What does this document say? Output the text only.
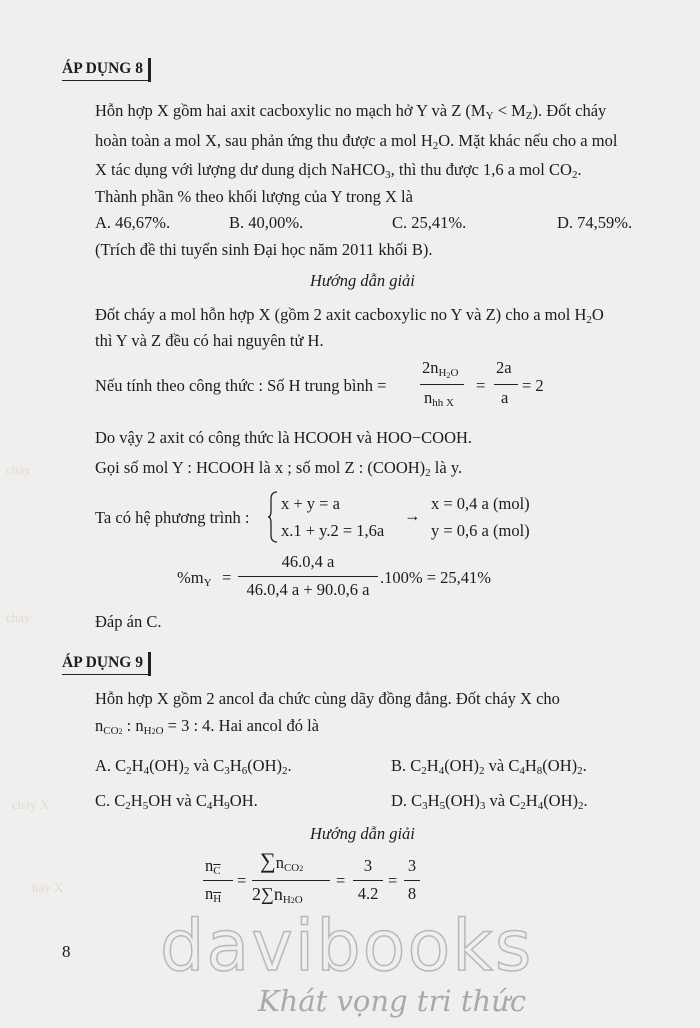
cháy
cháy X
háy X
cháy
ÁP DỤNG 8
Hỗn hợp X gồm hai axit cacboxylic no mạch hở Y và Z $(M_Y < M_Z)$. Đốt cháy
hoàn toàn a mol X, sau phản ứng thu được a mol $H_2O$. Mặt khác nếu cho a mol
X tác dụng với lượng dư dung dịch NaHCO$_3$, thì thu được 1,6 a mol $CO_2$.
Thành phần % theo khối lượng của Y trong X là
A. 46,67%.	B. 40,00%.	C. 25,41%.	D. 74,59%.
(Trích đề thi tuyển sinh Đại học năm 2011 khối B).
Hướng dẫn giải
Đốt cháy a mol hỗn hợp X (gồm 2 axit cacboxylic no Y và Z) cho a mol $H_2O$
thì Y và Z đều có hai nguyên tử H.
Nếu tính theo công thức : Số H trung bình =
$2n_{H2O}$
$n_{hh X}$
=
2a
a
= 2
Do vậy 2 axit có công thức là HCOOH và HOO−COOH.
Gọi số mol Y : HCOOH là x ; số mol Z : $(COOH)_2$ là y.
Ta có hệ phương trình :
x + y = a
x.1 + y.2 = 1,6a
→
x = 0,4 a (mol)
y = 0,6 a (mol)
$\%m_Y$ =
46.0,4 a
46.0,4 a + 90.0,6 a
.100% = 25,41%
Đáp án C.
ÁP DỤNG 9
Hỗn hợp X gồm 2 ancol đa chức cùng dãy đồng đẳng. Đốt cháy X cho
$n_{CO2}$ : $n_{H2O} = 3$ : 4. Hai ancol đó là
A. $C_2H_4(OH)_2$ và $C_3H_6(OH)_2$.	B. $C_2H_4(OH)_2$ và $C_4H_8(OH)_2$.
C. $C_2H_5OH$ và $C_4H_9OH$.	D. $C_3H_5(OH)_3$ và $C_2H_4(OH)_2$.
Hướng dẫn giải
$n_{\overline{C}}$
$n_{\overline{H}}$
=
$\sum n_{CO2}$
$2\sum n_{H2O}$
=
3
4.2
=
3
8
8 davibooks
Khát vọng tri thức
